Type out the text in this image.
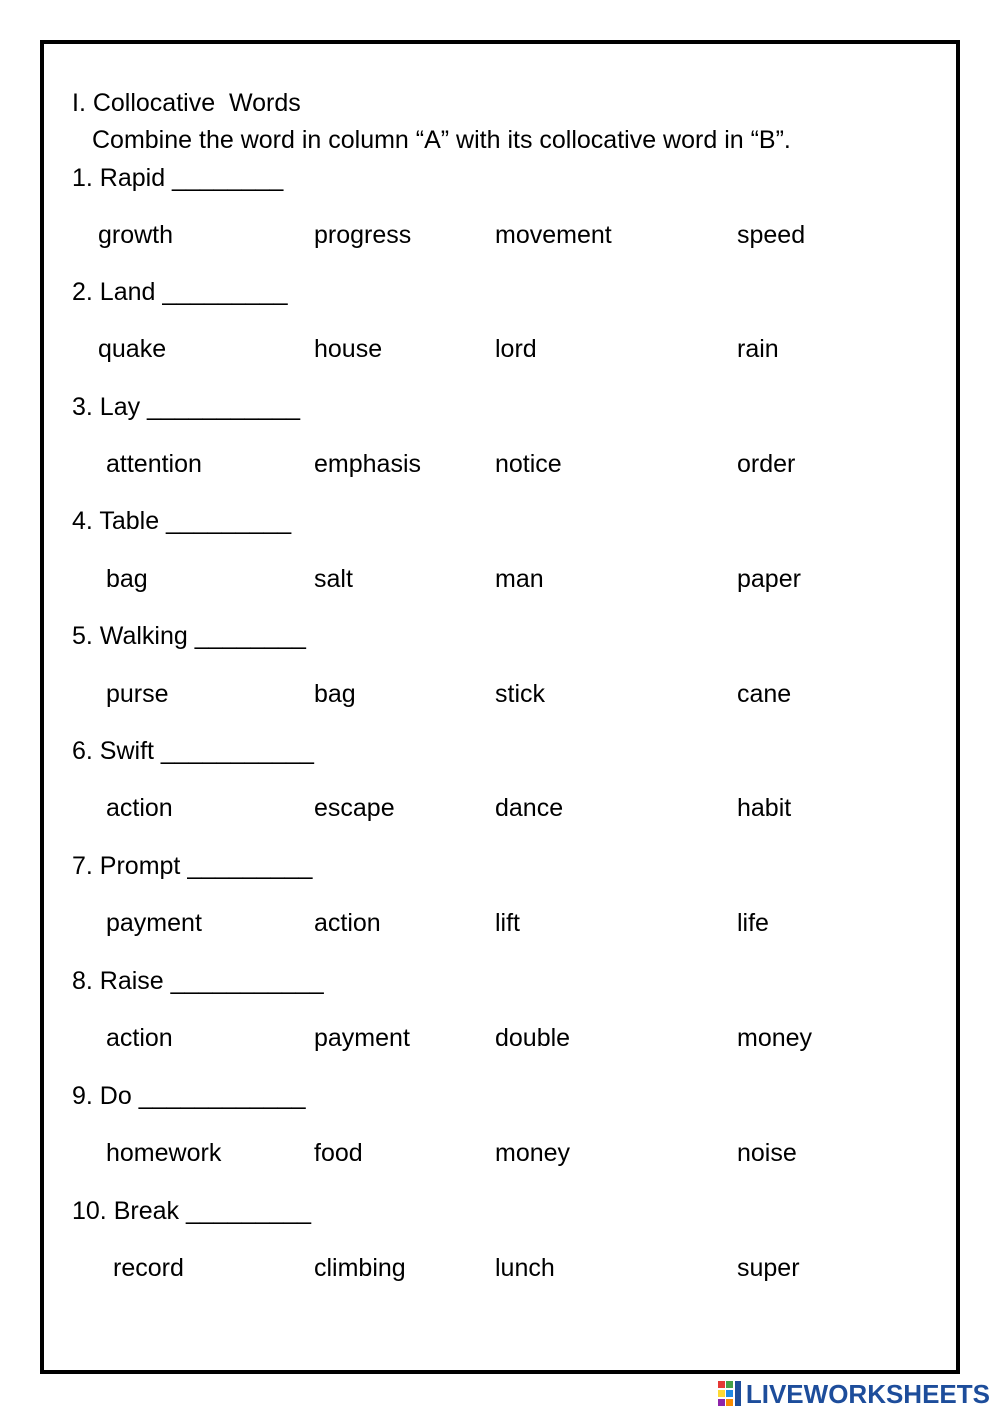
I. Collocative  Words
Combine the word in column “A” with its collocative word in “B”.
1. Rapid ________
growth	progress	movement	speed
2. Land _________
quake	house	lord	rain
3. Lay ___________
attention	emphasis	notice	order
4. Table _________
bag	salt	man	paper
5. Walking ________
purse	bag	stick	cane
6. Swift ___________
action	escape	dance	habit
7. Prompt _________
payment	action	lift	life
8. Raise ___________
action	payment	double	money
9. Do ____________
homework	food	money	noise
10. Break _________
record	climbing	lunch	super
LIVEWORKSHEETS
